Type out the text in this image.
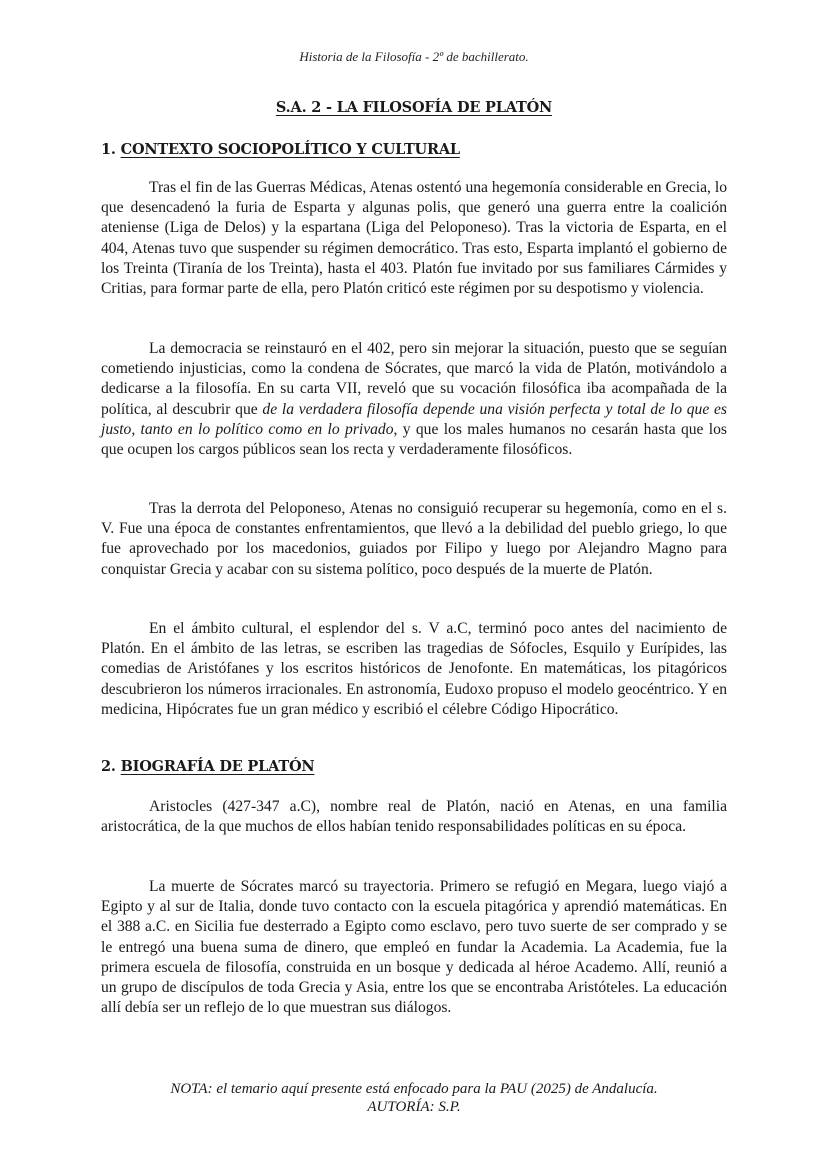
Historia de la Filosofía - 2º de bachillerato.
S.A. 2 - LA FILOSOFÍA DE PLATÓN
1. CONTEXTO SOCIOPOLÍTICO Y CULTURAL

Tras el fin de las Guerras Médicas, Atenas ostentó una hegemonía considerable en Grecia, lo que desencadenó la furia de Esparta y algunas polis, que generó una guerra entre la coalición ateniense (Liga de Delos) y la espartana (Liga del Peloponeso). Tras la victoria de Esparta, en el 404, Atenas tuvo que suspender su régimen democrático. Tras esto, Esparta implantó el gobierno de los Treinta (Tiranía de los Treinta), hasta el 403. Platón fue invitado por sus familiares Cármides y Critias, para formar parte de ella, pero Platón criticó este régimen por su despotismo y violencia.

La democracia se reinstauró en el 402, pero sin mejorar la situación, puesto que se seguían cometiendo injusticias, como la condena de Sócrates, que marcó la vida de Platón, motivándolo a dedicarse a la filosofía. En su carta VII, reveló que su vocación filosófica iba acompañada de la política, al descubrir que de la verdadera filosofía depende una visión perfecta y total de lo que es justo, tanto en lo político como en lo privado, y que los males humanos no cesarán hasta que los que ocupen los cargos públicos sean los recta y verdaderamente filosóficos.

Tras la derrota del Peloponeso, Atenas no consiguió recuperar su hegemonía, como en el s. V. Fue una época de constantes enfrentamientos, que llevó a la debilidad del pueblo griego, lo que fue aprovechado por los macedonios, guiados por Filipo y luego por Alejandro Magno para conquistar Grecia y acabar con su sistema político, poco después de la muerte de Platón.

En el ámbito cultural, el esplendor del s. V a.C, terminó poco antes del nacimiento de Platón. En el ámbito de las letras, se escriben las tragedias de Sófocles, Esquilo y Eurípides, las comedias de Aristófanes y los escritos históricos de Jenofonte. En matemáticas, los pitagóricos descubrieron los números irracionales. En astronomía, Eudoxo propuso el modelo geocéntrico. Y en medicina, Hipócrates fue un gran médico y escribió el célebre Código Hipocrático.

2. BIOGRAFÍA DE PLATÓN

Aristocles (427-347 a.C), nombre real de Platón, nació en Atenas, en una familia aristocrática, de la que muchos de ellos habían tenido responsabilidades políticas en su época.

La muerte de Sócrates marcó su trayectoria. Primero se refugió en Megara, luego viajó a Egipto y al sur de Italia, donde tuvo contacto con la escuela pitagórica y aprendió matemáticas. En el 388 a.C. en Sicilia fue desterrado a Egipto como esclavo, pero tuvo suerte de ser comprado y se le entregó una buena suma de dinero, que empleó en fundar la Academia. La Academia, fue la primera escuela de filosofía, construida en un bosque y dedicada al héroe Academo. Allí, reunió a un grupo de discípulos de toda Grecia y Asia, entre los que se encontraba Aristóteles. La educación allí debía ser un reflejo de lo que muestran sus diálogos.

NOTA: el temario aquí presente está enfocado para la PAU (2025) de Andalucía.
AUTORÍA: S.P.
